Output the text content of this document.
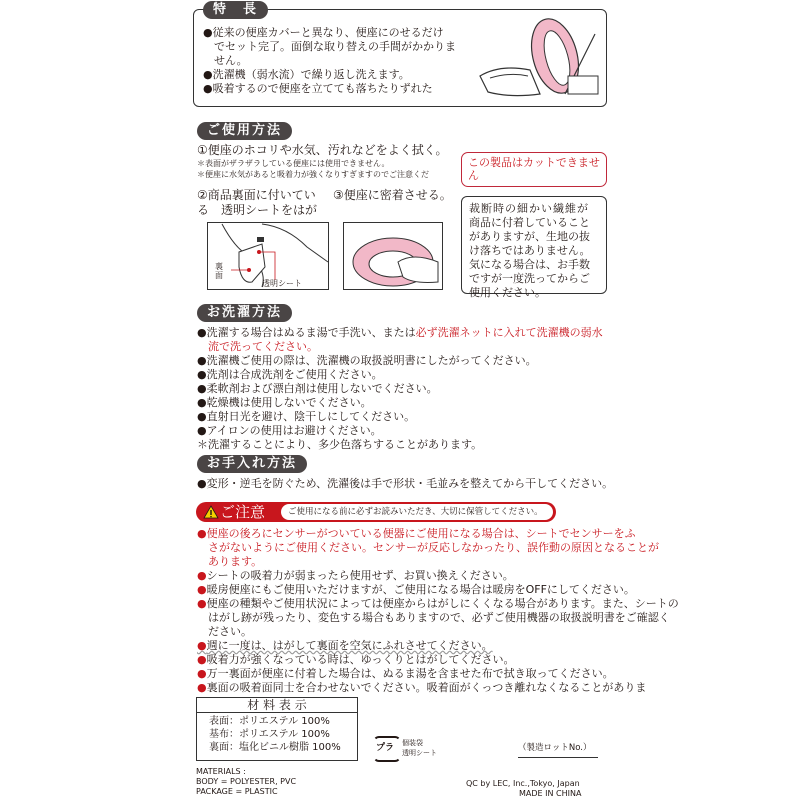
特　長
●従来の便座カバーと異なり、便座にのせるだけ
でセット完了。面倒な取り替えの手間がかかりま
せん。
●洗濯機（弱水流）で繰り返し洗えます。
●吸着するので便座を立てても落ちたりずれた
ご使用方法
①便座のホコリや水気、汚れなどをよく拭く。
＊表面がザラザラしている便座には使用できません。
＊便座に水気があると吸着力が強くなりすぎますのでご注意くだ
②商品裏面に付いてい
る　透明シートをはが
③便座に密着させる。
裏面
透明シート
この製品はカットできません
裁断時の細かい繊維が
商品に付着していること
がありますが、生地の抜
け落ちではありません。
気になる場合は、お手数
ですが一度洗ってからご
使用ください。
お洗濯方法
●洗濯する場合はぬるま湯で手洗い、または必ず洗濯ネットに入れて洗濯機の弱水
流で洗ってください。
●洗濯機ご使用の際は、洗濯機の取扱説明書にしたがってください。
●洗剤は合成洗剤をご使用ください。
●柔軟剤および漂白剤は使用しないでください。
●乾燥機は使用しないでください。
●直射日光を避け、陰干しにしてください。
●アイロンの使用はお避けください。
＊洗濯することにより、多少色落ちすることがあります。
お手入れ方法
●変形・逆毛を防ぐため、洗濯後は手で形状・毛並みを整えてから干してください。
ご注意	ご使用になる前に必ずお読みいただき、大切に保管してください。
●便座の後ろにセンサーがついている便器にご使用になる場合は、シートでセンサーをふ
さがないようにご使用ください。センサーが反応しなかったり、誤作動の原因となることが
あります。
●シートの吸着力が弱まったら使用せず、お買い換えください。
●暖房便座にもご使用いただけますが、ご使用になる場合は暖房をOFFにしてください。
●便座の種類やご使用状況によっては便座からはがしにくくなる場合があります。また、シートの
はがし跡が残ったり、変色する場合もありますので、必ずご使用機器の取扱説明書をご確認く
ださい。
●週に一度は、はがして裏面を空気にふれさせてください。
●吸着力が強くなっている時は、ゆっくりとはがしてください。
●万一裏面が便座に付着した場合は、ぬるま湯を含ませた布で拭き取ってください。
●裏面の吸着面同士を合わせないでください。吸着面がくっつき離れなくなることがありま
材 料 表 示
表面：ポリエステル 100%
基布：ポリエステル 100%
裏面：塩化ビニル樹脂 100%
MATERIALS :
BODY = POLYESTER, PVC
PACKAGE = PLASTIC
プラ 個装袋
透明シート	（製造ロットNo.）
QC by LEC, Inc.,Tokyo, Japan
MADE IN CHINA
